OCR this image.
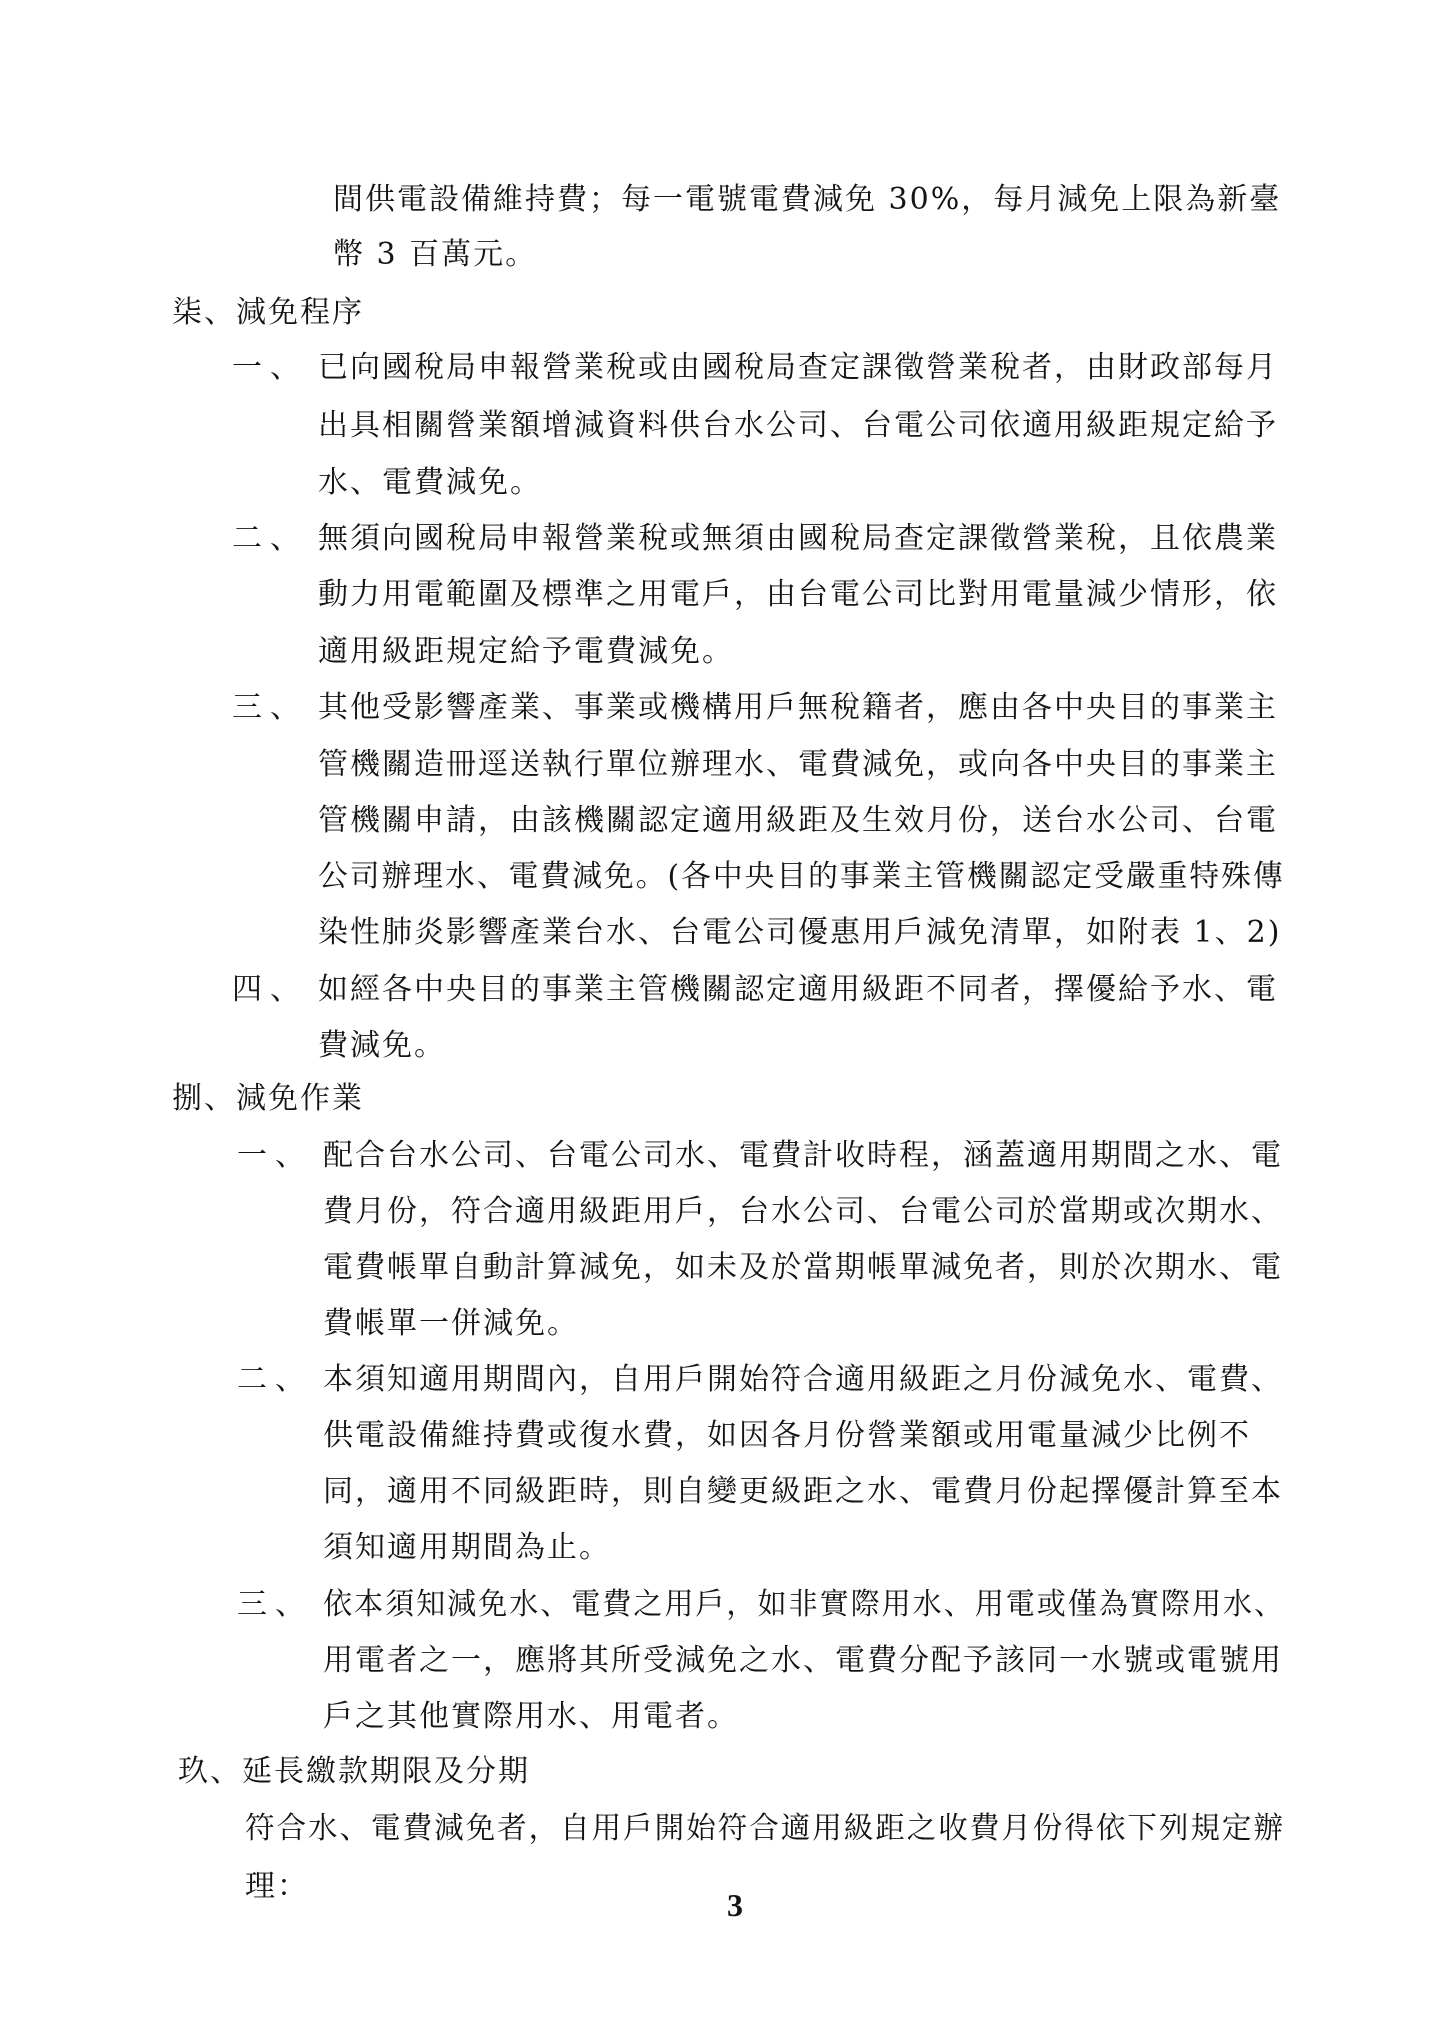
間供電設備維持費；每一電號電費減免 30%，每月減免上限為新臺
幣 3 百萬元。
柒、減免程序
一、 已向國稅局申報營業稅或由國稅局查定課徵營業稅者，由財政部每月
出具相關營業額增減資料供台水公司、台電公司依適用級距規定給予
水、電費減免。
二、 無須向國稅局申報營業稅或無須由國稅局查定課徵營業稅，且依農業
動力用電範圍及標準之用電戶，由台電公司比對用電量減少情形，依
適用級距規定給予電費減免。
三、 其他受影響產業、事業或機構用戶無稅籍者，應由各中央目的事業主
管機關造冊逕送執行單位辦理水、電費減免，或向各中央目的事業主
管機關申請，由該機關認定適用級距及生效月份，送台水公司、台電
公司辦理水、電費減免。(各中央目的事業主管機關認定受嚴重特殊傳
染性肺炎影響產業台水、台電公司優惠用戶減免清單，如附表 1、2)
四、 如經各中央目的事業主管機關認定適用級距不同者，擇優給予水、電
費減免。
捌、減免作業
一、 配合台水公司、台電公司水、電費計收時程，涵蓋適用期間之水、電
費月份，符合適用級距用戶，台水公司、台電公司於當期或次期水、
電費帳單自動計算減免，如未及於當期帳單減免者，則於次期水、電
費帳單一併減免。
二、 本須知適用期間內，自用戶開始符合適用級距之月份減免水、電費、
供電設備維持費或復水費，如因各月份營業額或用電量減少比例不
同，適用不同級距時，則自變更級距之水、電費月份起擇優計算至本
須知適用期間為止。
三、 依本須知減免水、電費之用戶，如非實際用水、用電或僅為實際用水、
用電者之一，應將其所受減免之水、電費分配予該同一水號或電號用
戶之其他實際用水、用電者。
玖、延長繳款期限及分期
符合水、電費減免者，自用戶開始符合適用級距之收費月份得依下列規定辦
理：
3
